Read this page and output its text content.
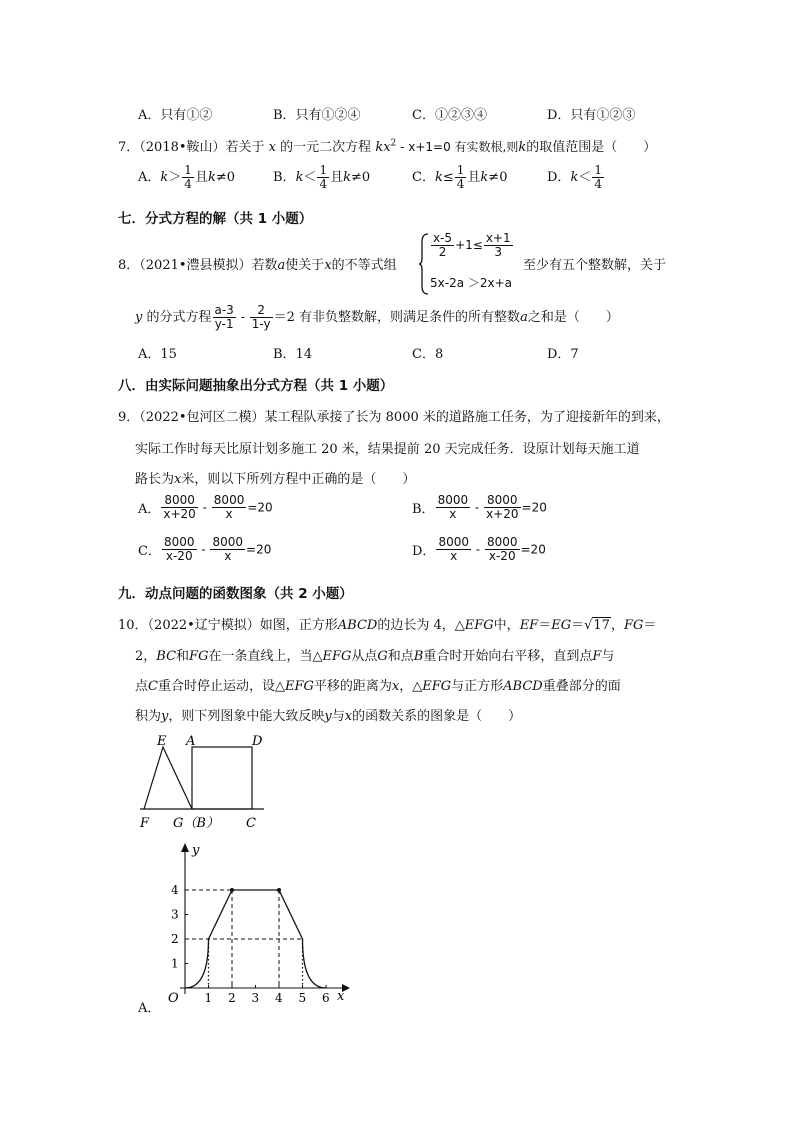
A．只有①②	B．只有①②④	C．①②③④	D．只有①②③
7．（2018•鞍山）若关于 x 的一元二次方程 $kx^2 - x+1=0$ 有实数根,则k的取值范围是（　　）
A．$k> \frac{1}{4}$ 且k≠0	B．$k< \frac{1}{4}$ 且k≠0	C．$k\le \frac{1}{4}$ 且k≠0	D．$k< \frac{1}{4}$
七．分式方程的解（共 1 小题）
8．（2021•澧县模拟）若数a使关于x的不等式组
$\frac{x-5}{2} +1\le \frac{x+1}{3}$
5x-2a ＞2x+a
至少有五个整数解，关于
y 的分式方程 $\frac{a-3}{y-1} - \frac{2}{1-y} =2$ 有非负整数解，则满足条件的所有整数a之和是（　　）
A．15	B．14	C．8	D．7
八．由实际问题抽象出分式方程（共 1 小题）
9．（2022•包河区二模）某工程队承接了长为 8000 米的道路施工任务，为了迎接新年的到来，
实际工作时每天比原计划多施工 20 米，结果提前 20 天完成任务．设原计划每天施工道
路长为x米，则以下所列方程中正确的是（　　）
A． $\frac{8000}{x+20} - \frac{8000}{x} =20$	B． $\frac{8000}{x} - \frac{8000}{x+20} =20$
C． $\frac{8000}{x-20} - \frac{8000}{x} =20$	D． $\frac{8000}{x} - \frac{8000}{x-20} =20$
九．动点问题的函数图象（共 2 小题）
10．（2022•辽宁模拟）如图，正方形ABCD的边长为 4，△EFG中，EF＝EG＝√17，FG＝
2，BC和FG在一条直线上，当△EFG从点G和点B重合时开始向右平移，直到点F与
点C重合时停止运动，设△EFG平移的距离为x，△EFG与正方形ABCD重叠部分的面
积为y，则下列图象中能大致反映y与x的函数关系的图象是（　　）
E A	D
F G（B） C
y
x
O 1 2 3 4 5 6
1
2
3
4
A．
